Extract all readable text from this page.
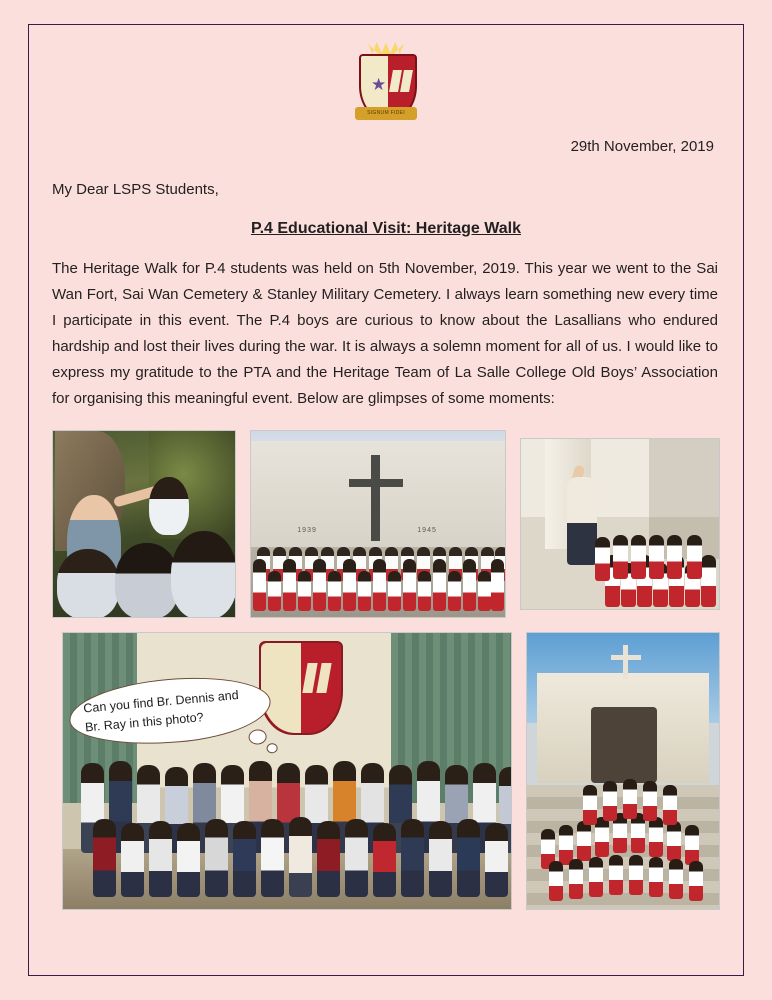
★
SIGNUM FIDEI
29th November, 2019
My Dear LSPS Students,
P.4 Educational Visit: Heritage Walk
The Heritage Walk for P.4 students was held on 5th November, 2019. This year we went to the Sai Wan Fort, Sai Wan Cemetery & Stanley Military Cemetery. I always learn something new every time I participate in this event. The P.4 boys are curious to know about the Lasallians who endured hardship and lost their lives during the war. It is always a solemn moment for all of us. I would like to express my gratitude to the PTA and the Heritage Team of La Salle College Old Boys’ Association for organising this meaningful event. Below are glimpses of some moments:
1939	1945
Can you find Br. Dennis and Br. Ray in this photo?
